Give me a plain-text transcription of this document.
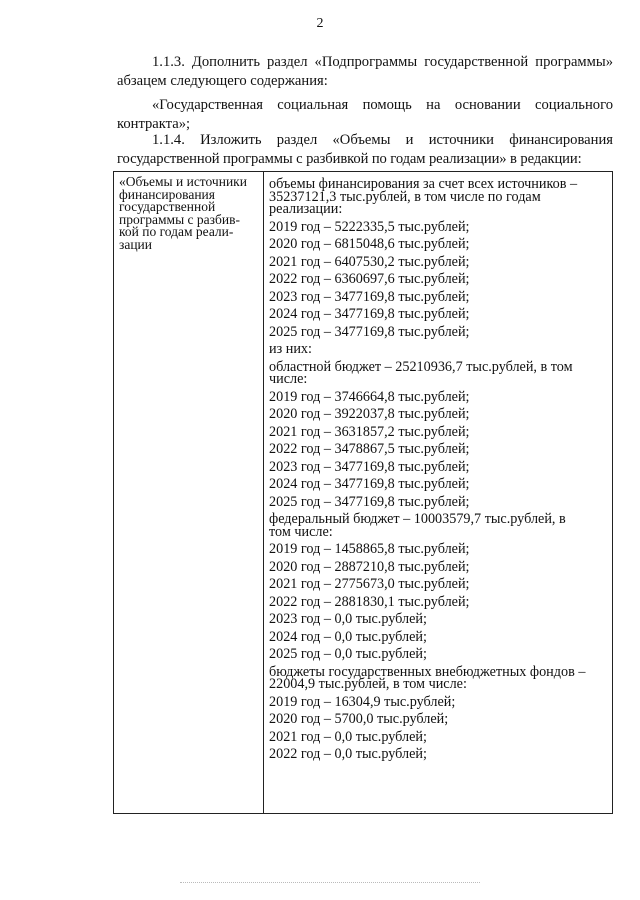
2

1.1.3. Дополнить раздел «Подпрограммы государственной программы»

абзацем следующего содержания:

«Государственная социальная помощь на основании социального

контракта»;

1.1.4. Изложить раздел «Объемы и источники финансирования

государственной программы с разбивкой по годам реализации» в редакции:

«Объемы и источники
финансирования
государственной
программы с разбив-
кой по годам реали-
зации

объемы финансирования за счет всех источников –

35237121,3 тыс.рублей, в том числе по годам

реализации:

2019 год – 5222335,5 тыс.рублей;

2020 год – 6815048,6 тыс.рублей;

2021 год – 6407530,2 тыс.рублей;

2022 год – 6360697,6 тыс.рублей;

2023 год – 3477169,8 тыс.рублей;

2024 год – 3477169,8 тыс.рублей;

2025 год – 3477169,8 тыс.рублей;

из них:

областной бюджет – 25210936,7 тыс.рублей, в том

числе:

2019 год – 3746664,8 тыс.рублей;

2020 год – 3922037,8 тыс.рублей;

2021 год – 3631857,2 тыс.рублей;

2022 год – 3478867,5 тыс.рублей;

2023 год – 3477169,8 тыс.рублей;

2024 год – 3477169,8 тыс.рублей;

2025 год – 3477169,8 тыс.рублей;

федеральный бюджет – 10003579,7 тыс.рублей, в

том числе:

2019 год – 1458865,8 тыс.рублей;

2020 год – 2887210,8 тыс.рублей;

2021 год – 2775673,0 тыс.рублей;

2022 год – 2881830,1 тыс.рублей;

2023 год – 0,0 тыс.рублей;

2024 год – 0,0 тыс.рублей;

2025 год – 0,0 тыс.рублей;

бюджеты государственных внебюджетных фондов –

22004,9 тыс.рублей, в том числе:

2019 год – 16304,9 тыс.рублей;

2020 год – 5700,0 тыс.рублей;

2021 год – 0,0 тыс.рублей;

2022 год – 0,0 тыс.рублей;
